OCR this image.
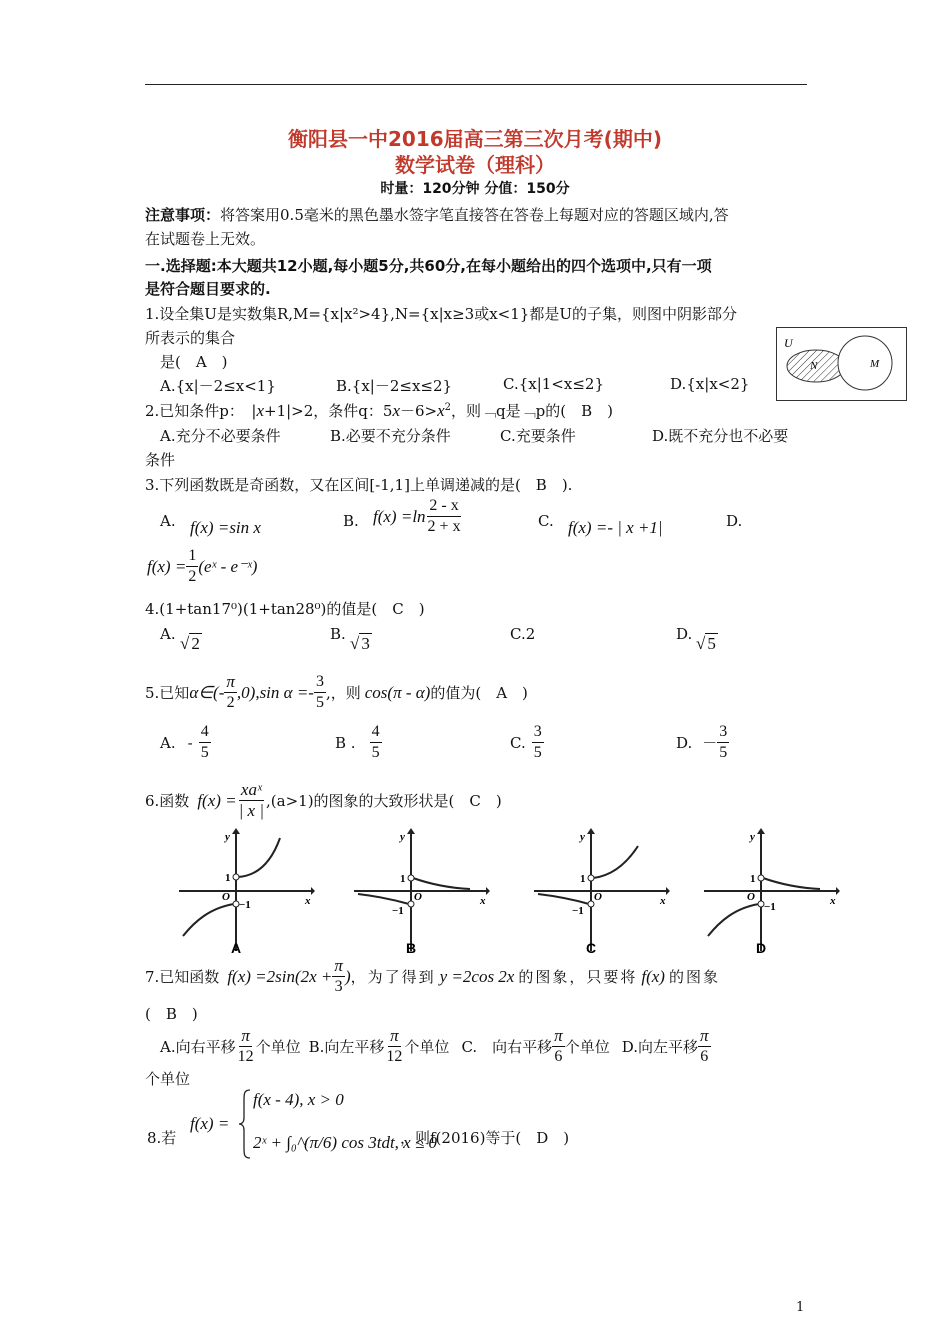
衡阳县一中2016届高三第三次月考(期中)
数学试卷（理科）
时量：120分钟 分值：150分
注意事项：将答案用0.5毫米的黑色墨水签字笔直接答在答卷上每题对应的答题区域内,答
在试题卷上无效。
一.选择题:本大题共12小题,每小题5分,共60分,在每小题给出的四个选项中,只有一项
是符合题目要求的.
1.设全集U是实数集R,M={x|x²>4},N={x|x≥3或x<1}都是U的子集，则图中阴影部分
所表示的集合
是(　A　)
A.{x|－2≤x<1}	B.{x|－2≤x≤2}	C.{x|1<x≤2}	D.{x|x<2}
U
N	M
2.已知条件p：　|x+1|>2，条件q：$5x-6>x^2$，则﹁q是﹁p的(　B　)
A.充分不必要条件	B.必要不充分条件	C.充要条件	D.既不充分也不必要
条件
3.下列函数既是奇函数，又在区间[-1,1]上单调递减的是(　B　).
A. f(x) =sin x	B. $f(x) =\ln \frac{2 - x}{2 + x}$	C. f(x) =- | x +1|	D.
$f(x) = \frac{1}{2}$ (eˣ - e⁻ˣ)
4.(1+tan17⁰)(1+tan28⁰)的值是(　C　)
A. √ 2	B. √ 3	C.2	D. √ 5
5.已知 α∈(- $\frac{\pi}{2} ,0),\sin$ $\alpha =- \frac{3}{5}$ ,，则 cos(π - α) 的值为(　A　)
A. - $\frac{4}{5}$	B . $\frac{4}{5}$	C. $\frac{3}{5}$	D. － $\frac{3}{5}$
6.函数 $f(x) = \frac{\text{xaˣ}}{| x |} ,(a>1)$的图象的大致形状是(　C　)
y
x
1
O
−1
A
y
x
1
O
−1
B
y
x
1
O
−1
C
y
x
1
O
−1
D
7.已知函数 $f(x) =2\sin(2x + \frac{\pi}{3}$ ) ，为了得到 y =2cos 2x 的图象，只要将 f(x) 的图象
(　B　)
A.向右平移 $\frac{\pi}{12}$ 个单位 B.向左平移 $\frac{\pi}{12}$ 个单位 C.　向右平移 $\frac{\pi}{6}$ 个单位 D.向左平移 $\frac{\pi}{6}$
个单位
8.若
f(x) =
f(x - 4), x > 0
2ˣ + ∫₀^(π/6) cos 3tdt, x ≤ 0
，则f(2016)等于(　D　)
1
